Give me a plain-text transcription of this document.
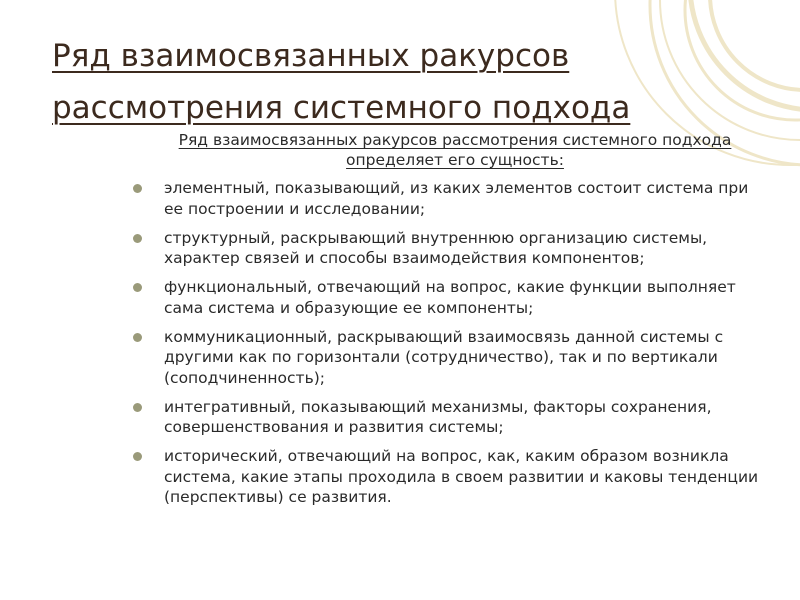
Ряд взаимосвязанных ракурсов
рассмотрения системного подхода
Ряд взаимосвязанных ракурсов рассмотрения системного подхода определяет его сущность:
элементный, показывающий, из каких элементов состоит система при ее построении и исследовании;
структурный, раскрывающий внутреннюю организацию системы, характер связей и способы взаимодействия компонентов;
функциональный, отвечающий на вопрос, какие функции выполняет сама система и образующие ее компоненты;
коммуникационный, раскрывающий взаимосвязь данной системы с другими как по горизонтали (сотрудничество), так и по вертикали (соподчиненность);
интегративный, показывающий механизмы, факторы сохранения, совершенствования и развития системы;
исторический, отвечающий на вопрос, как, каким образом возникла система, какие этапы проходила в своем развитии и каковы тенденции (перспективы) се развития.
